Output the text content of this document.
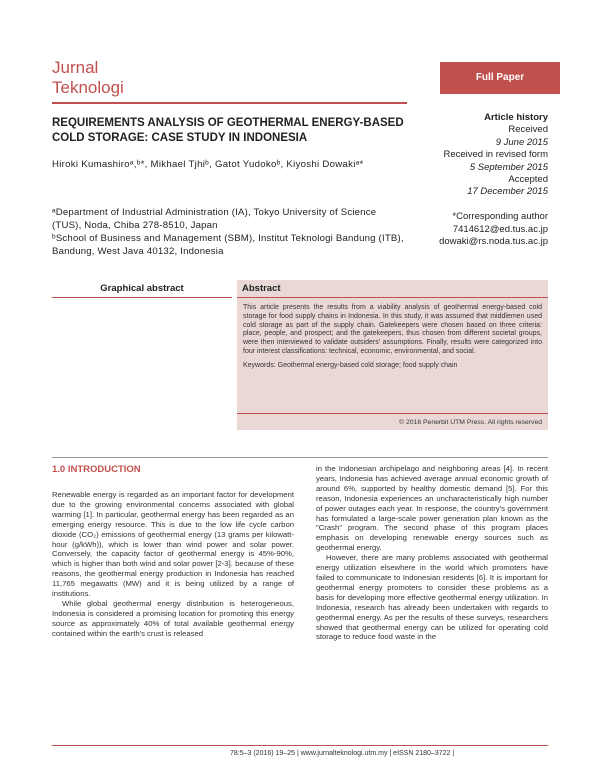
Jurnal
Teknologi
Full Paper
REQUIREMENTS ANALYSIS OF GEOTHERMAL ENERGY-BASED COLD STORAGE: CASE STUDY IN INDONESIA
Hiroki Kumashiroᵃ,ᵇ*, Mikhael Tjhiᵇ, Gatot Yudokoᵇ, Kiyoshi Dowakiᵃ*
ᵃDepartment of Industrial Administration (IA), Tokyo University of Science (TUS), Noda, Chiba 278-8510, Japan
ᵇSchool of Business and Management (SBM), Institut Teknologi Bandung (ITB), Bandung, West Java 40132, Indonesia
Article history
Received
9 June 2015
Received in revised form
5 September 2015
Accepted
17 December 2015
*Corresponding author
7414612@ed.tus.ac.jp
dowaki@rs.noda.tus.ac.jp
Graphical abstract	Abstract
This article presents the results from a viability analysis of geothermal energy-based cold storage for food supply chains in Indonesia. In this study, it was assumed that middlemen used cold storage as part of the supply chain. Gatekeepers were chosen based on three criteria: place, people, and prospect; and the gatekeepers, thus chosen from different societal groups, were then interviewed to validate outsiders' assumptions. Finally, results were categorized into four interest classifications: technical, economic, environmental, and social.
Keywords: Geothermal energy-based cold storage; food supply chain
© 2016 Penerbit UTM Press. All rights reserved
1.0 INTRODUCTION

Renewable energy is regarded as an important factor for development due to the growing environmental concerns associated with global warming [1]. In particular, geothermal energy has been regarded as an emerging energy resource. This is due to the low life cycle carbon dioxide (CO₂) emissions of geothermal energy (13 grams per kilowatt-hour (g/kWh)), which is lower than wind power and solar power. Conversely, the capacity factor of geothermal energy is 45%-90%, which is higher than both wind and solar power [2-3]. because of these reasons, the geothermal energy production in Indonesia has reached 11,765 megawatts (MW) and it is being utilized by a range of institutions.

While global geothermal energy distribution is heterogeneous, Indonesia is considered a promising location for promoting this energy source as approximately 40% of total available geothermal energy contained within the earth's crust is released

in the Indonesian archipelago and neighboring areas [4]. In recent years, Indonesia has achieved average annual economic growth of around 6%, supported by healthy domestic demand [5]. For this reason, Indonesia experiences an uncharacteristically high number of power outages each year. In response, the country's government has formulated a large-scale power generation plan known as the "Crash" program. The second phase of this program places emphasis on developing renewable energy sources such as geothermal energy.

However, there are many problems associated with geothermal energy utilization elsewhere in the world which promoters have failed to communicate to Indonesian residents [6]. It is important for geothermal energy promoters to consider these problems as a basis for developing more effective geothermal energy utilization. In Indonesia, research has already been undertaken with regards to geothermal energy. As per the results of these surveys, researchers showed that geothermal energy can be utilized for operating cold storage to reduce food waste in the

78:5–3 (2016) 19–25 | www.jurnalteknologi.utm.my | eISSN 2180–3722 |
